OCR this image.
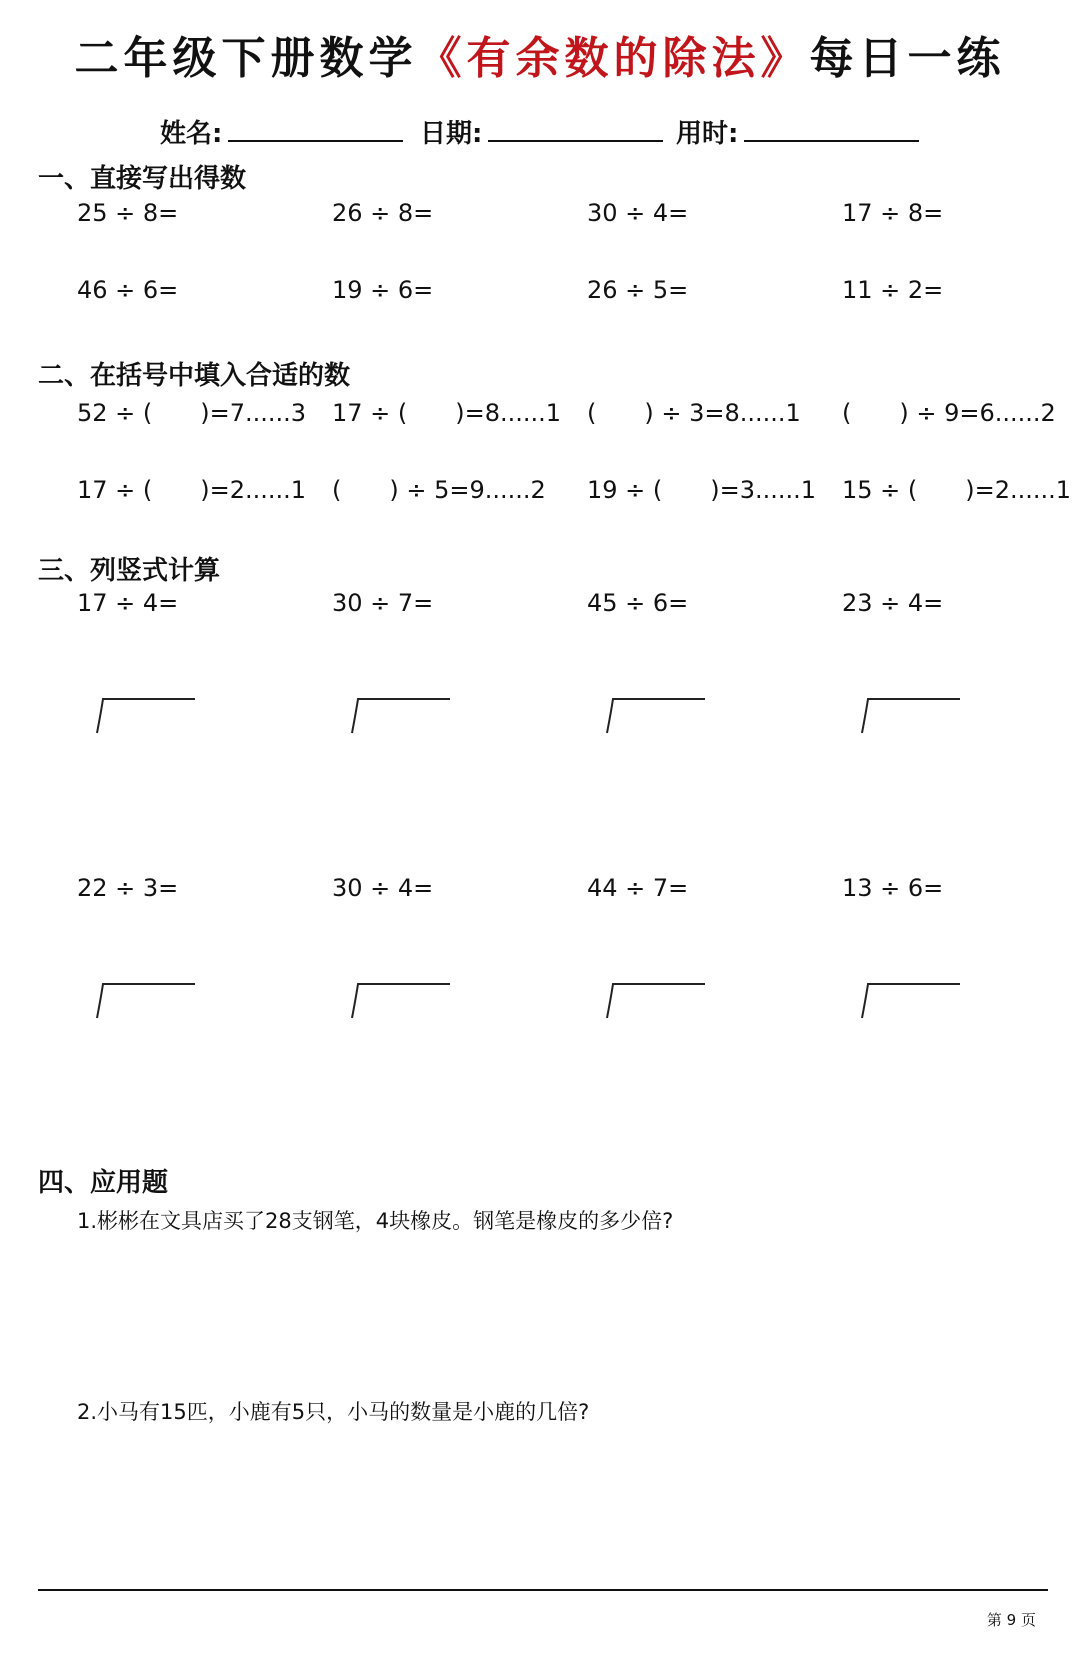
二年级下册数学《有余数的除法》每日一练
姓名:	日期:	用时:
一、直接写出得数
25 ÷ 8=	26 ÷ 8=	30 ÷ 4=	17 ÷ 8=
46 ÷ 6=	19 ÷ 6=	26 ÷ 5=	11 ÷ 2=
二、在括号中填入合适的数
52 ÷ (　　)=7......3 17 ÷ (　　)=8......1 (　　) ÷ 3=8......1 (　　) ÷ 9=6......2
17 ÷ (　　)=2......1 (　　) ÷ 5=9......2 19 ÷ (　　)=3......1 15 ÷ (　　)=2......1
三、列竖式计算
17 ÷ 4=	30 ÷ 7=	45 ÷ 6=	23 ÷ 4=
22 ÷ 3=	30 ÷ 4=	44 ÷ 7=	13 ÷ 6=
四、应用题
1.彬彬在文具店买了28支钢笔，4块橡皮。钢笔是橡皮的多少倍?
2.小马有15匹，小鹿有5只，小马的数量是小鹿的几倍?
第 9 页
